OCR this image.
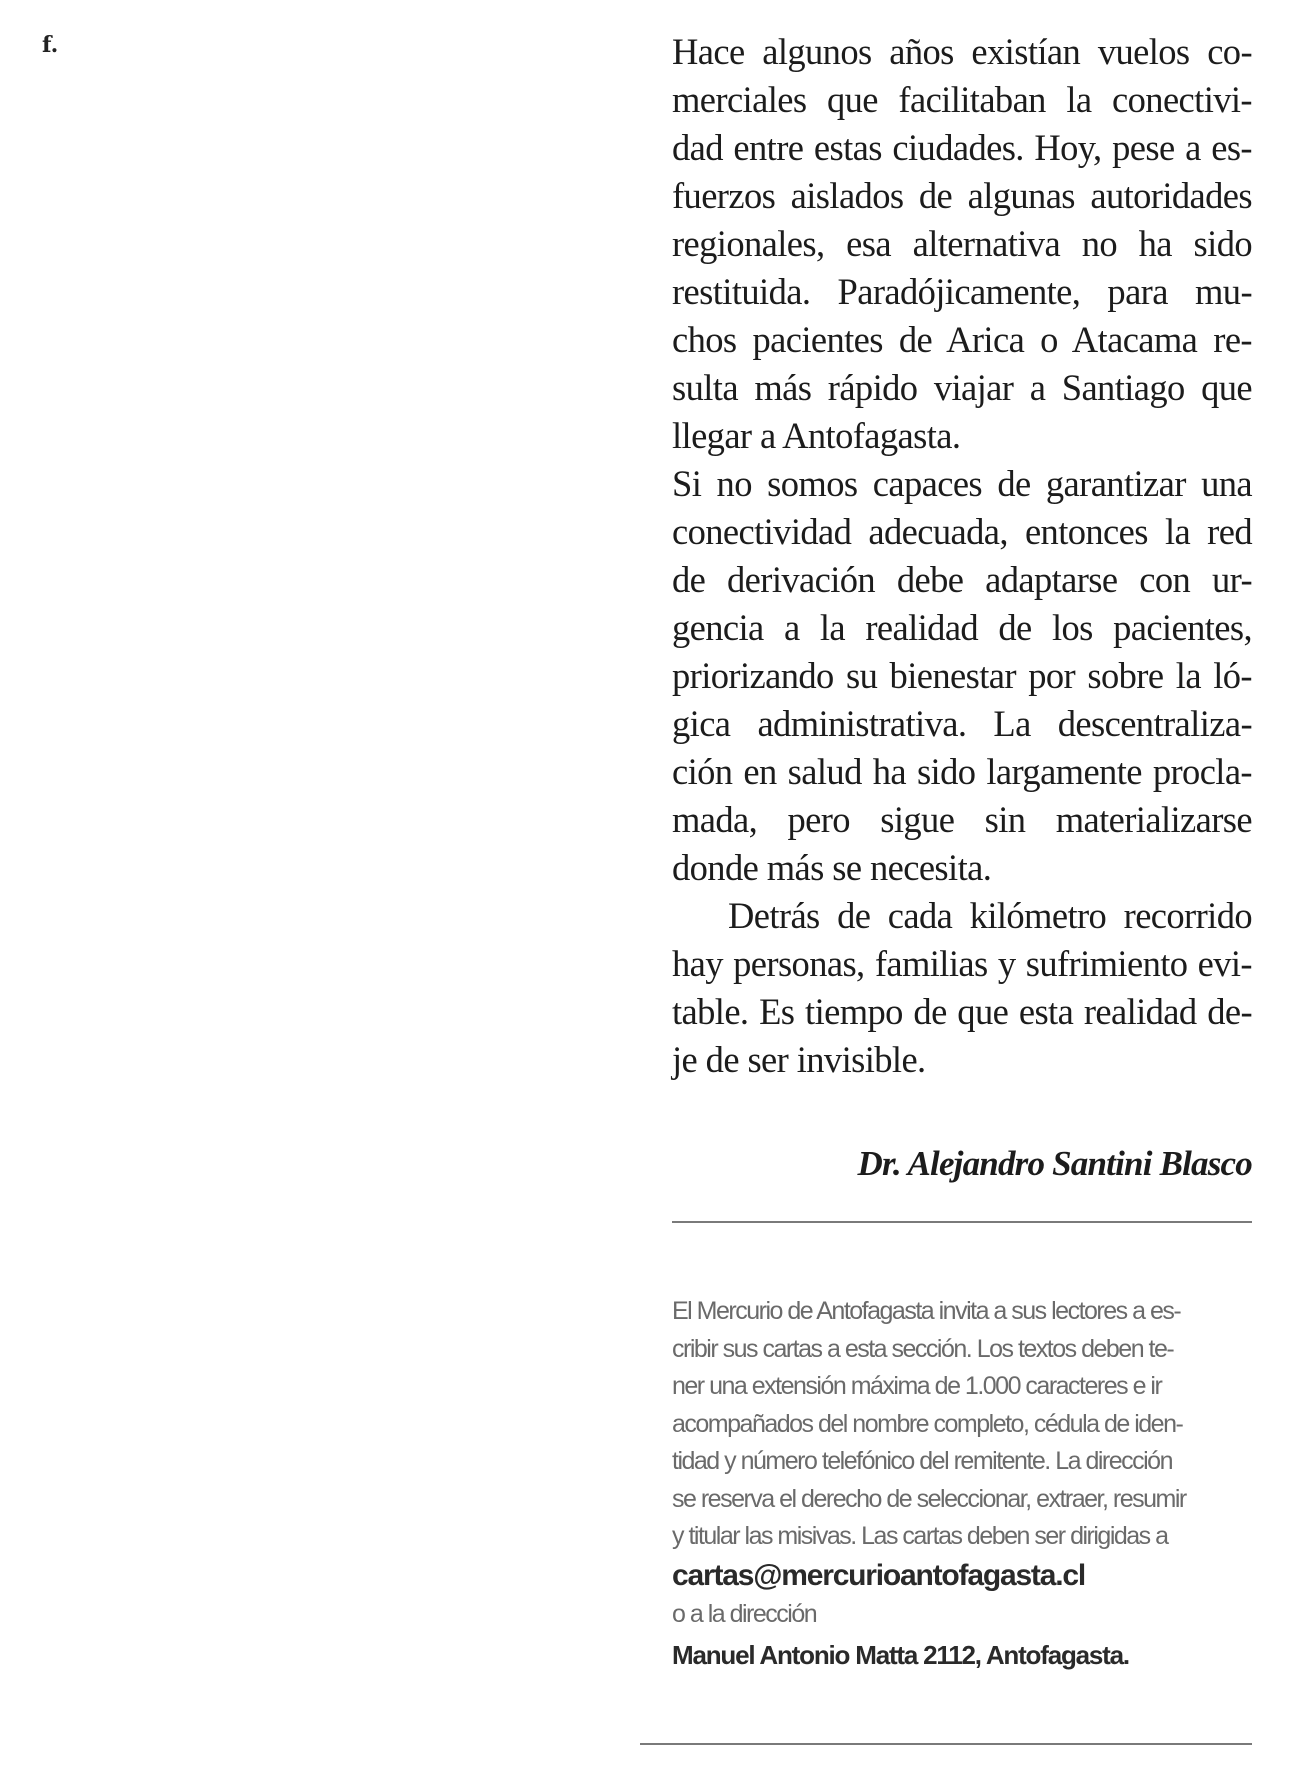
f.	Hace algunos años existían vuelos co-
merciales que facilitaban la conectivi-
dad entre estas ciudades. Hoy, pese a es-
fuerzos aislados de algunas autoridades
regionales, esa alternativa no ha sido
restituida. Paradójicamente, para mu-
chos pacientes de Arica o Atacama re-
sulta más rápido viajar a Santiago que
llegar a Antofagasta.

Si no somos capaces de garantizar una
conectividad adecuada, entonces la red
de derivación debe adaptarse con ur-
gencia a la realidad de los pacientes,
priorizando su bienestar por sobre la ló-
gica administrativa. La descentraliza-
ción en salud ha sido largamente procla-
mada, pero sigue sin materializarse
donde más se necesita.

Detrás de cada kilómetro recorrido
hay personas, familias y sufrimiento evi-
table. Es tiempo de que esta realidad de-
je de ser invisible.

Dr. Alejandro Santini Blasco
El Mercurio de Antofagasta invita a sus lectores a es-
cribir sus cartas a esta sección. Los textos deben te-
ner una extensión máxima de 1.000 caracteres e ir
acompañados del nombre completo, cédula de iden-
tidad y número telefónico del remitente. La dirección
se reserva el derecho de seleccionar, extraer, resumir
y titular las misivas. Las cartas deben ser dirigidas a
cartas@mercurioantofagasta.cl
o a la dirección
Manuel Antonio Matta 2112, Antofagasta.
